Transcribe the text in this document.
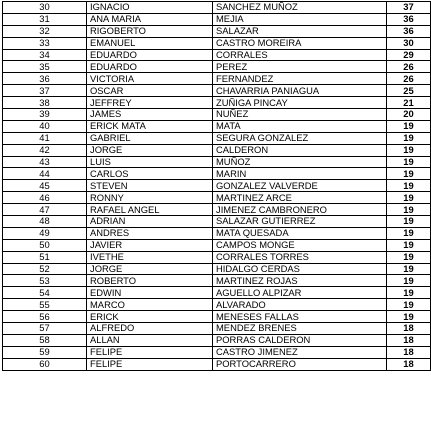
30	IGNACIO	SANCHEZ MUÑOZ	37
31	ANA MARIA	MEJIA	36
32	RIGOBERTO	SALAZAR	36
33	EMANUEL	CASTRO MOREIRA	30
34	EDUARDO	CORRALES	29
35	EDUARDO	PEREZ	26
36	VICTORIA	FERNANDEZ	26
37	OSCAR	CHAVARRIA PANIAGUA	25
38	JEFFREY	ZUÑIGA PINCAY	21
39	JAMES	NUÑEZ	20
40	ERICK MATA	MATA	19
41	GABRIEL	SEGURA GONZALEZ	19
42	JORGE	CALDERON	19
43	LUIS	MUÑOZ	19
44	CARLOS	MARIN	19
45	STEVEN	GONZALEZ VALVERDE	19
46	RONNY	MARTINEZ ARCE	19
47	RAFAEL ANGEL	JIMENEZ CAMBRONERO	19
48	ADRIAN	SALAZAR GUTIERREZ	19
49	ANDRES	MATA QUESADA	19
50	JAVIER	CAMPOS MONGE	19
51	IVETHE	CORRALES TORRES	19
52	JORGE	HIDALGO CERDAS	19
53	ROBERTO	MARTINEZ ROJAS	19
54	EDWIN	AGUELLO ALPIZAR	19
55	MARCO	ALVARADO	19
56	ERICK	MENESES FALLAS	19
57	ALFREDO	MENDEZ BRENES	18
58	ALLAN	PORRAS CALDERON	18
59	FELIPE	CASTRO JIMENEZ	18
60	FELIPE	PORTOCARRERO	18
